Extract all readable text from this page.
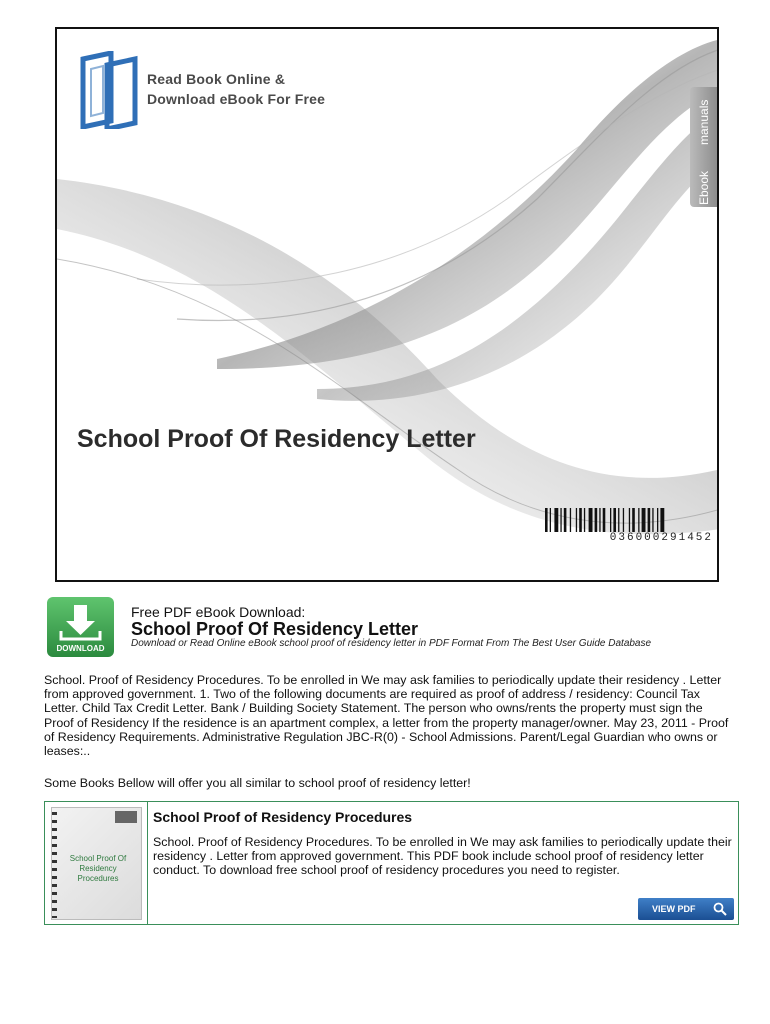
Read Book Online &
Download eBook For Free
Ebook
manuals
School Proof Of Residency Letter
036000291452
DOWNLOAD
Free PDF eBook Download:
School Proof Of Residency Letter
Download or Read Online eBook school proof of residency letter in PDF Format From The Best User Guide Database
School. Proof of Residency Procedures. To be enrolled in We may ask families to periodically update their residency . Letter from approved government. 1. Two of the following documents are required as proof of address / residency: Council Tax Letter. Child Tax Credit Letter. Bank / Building Society Statement. The person who owns/rents the property must sign the Proof of Residency If the residence is an apartment complex, a letter from the property manager/owner. May 23, 2011 - Proof of Residency Requirements. Administrative Regulation JBC-R(0) - School Admissions. Parent/Legal Guardian who owns or leases:..
Some Books Bellow will offer you all similar to school proof of residency letter!
School Proof Of Residency Procedures
School Proof of Residency Procedures
School. Proof of Residency Procedures. To be enrolled in We may ask families to periodically update their residency . Letter from approved government. This PDF book include school proof of residency letter conduct. To download free school proof of residency procedures you need to register.
VIEW PDF
